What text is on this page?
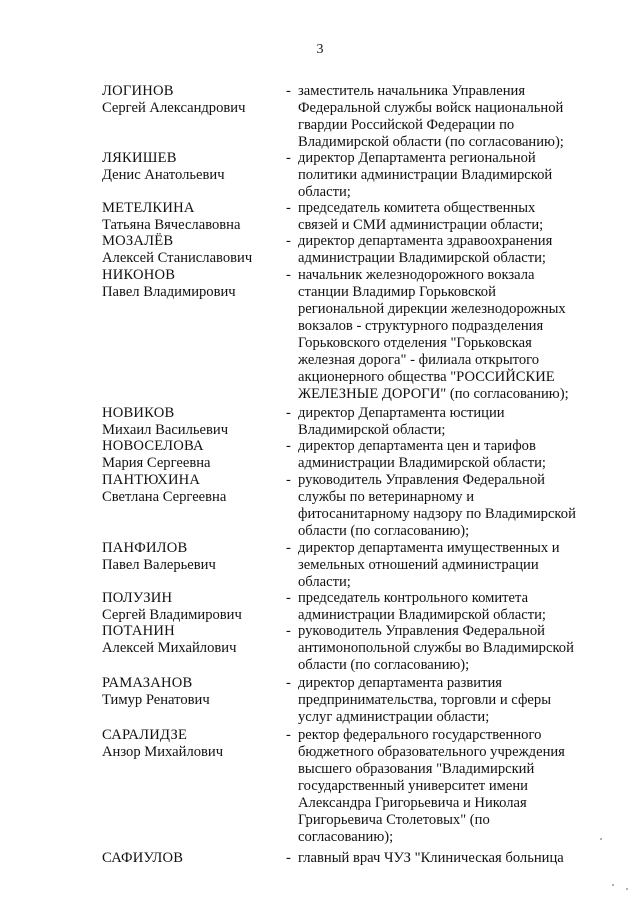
3
ЛОГИНОВ
Сергей Александрович
- заместитель начальника Управления
Федеральной службы войск национальной
гвардии Российской Федерации по
Владимирской области (по согласованию);
ЛЯКИШЕВ
Денис Анатольевич
- директор Департамента региональной
политики администрации Владимирской
области;
МЕТЕЛКИНА
Татьяна Вячеславовна
- председатель комитета общественных
связей и СМИ администрации области;
МОЗАЛЁВ
Алексей Станиславович
- директор департамента здравоохранения
администрации Владимирской области;
НИКОНОВ
Павел Владимирович
- начальник железнодорожного вокзала
станции Владимир Горьковской
региональной дирекции железнодорожных
вокзалов - структурного подразделения
Горьковского отделения "Горьковская
железная дорога" - филиала открытого
акционерного общества "РОССИЙСКИЕ
ЖЕЛЕЗНЫЕ ДОРОГИ" (по согласованию);
НОВИКОВ
Михаил Васильевич
- директор Департамента юстиции
Владимирской области;
НОВОСЕЛОВА
Мария Сергеевна
- директор департамента цен и тарифов
администрации Владимирской области;
ПАНТЮХИНА
Светлана Сергеевна
- руководитель Управления Федеральной
службы по ветеринарному и
фитосанитарному надзору по Владимирской
области (по согласованию);
ПАНФИЛОВ
Павел Валерьевич
- директор департамента имущественных и
земельных отношений администрации
области;
ПОЛУЗИН
Сергей Владимирович
- председатель контрольного комитета
администрации Владимирской области;
ПОТАНИН
Алексей Михайлович
- руководитель Управления Федеральной
антимонопольной службы во Владимирской
области (по согласованию);
РАМАЗАНОВ
Тимур Ренатович
- директор департамента развития
предпринимательства, торговли и сферы
услуг администрации области;
САРАЛИДЗЕ
Анзор Михайлович
- ректор федерального государственного
бюджетного образовательного учреждения
высшего образования "Владимирский
государственный университет имени
Александра Григорьевича и Николая
Григорьевича Столетовых" (по
согласованию);
САФИУЛОВ	- главный врач ЧУЗ "Клиническая больница
